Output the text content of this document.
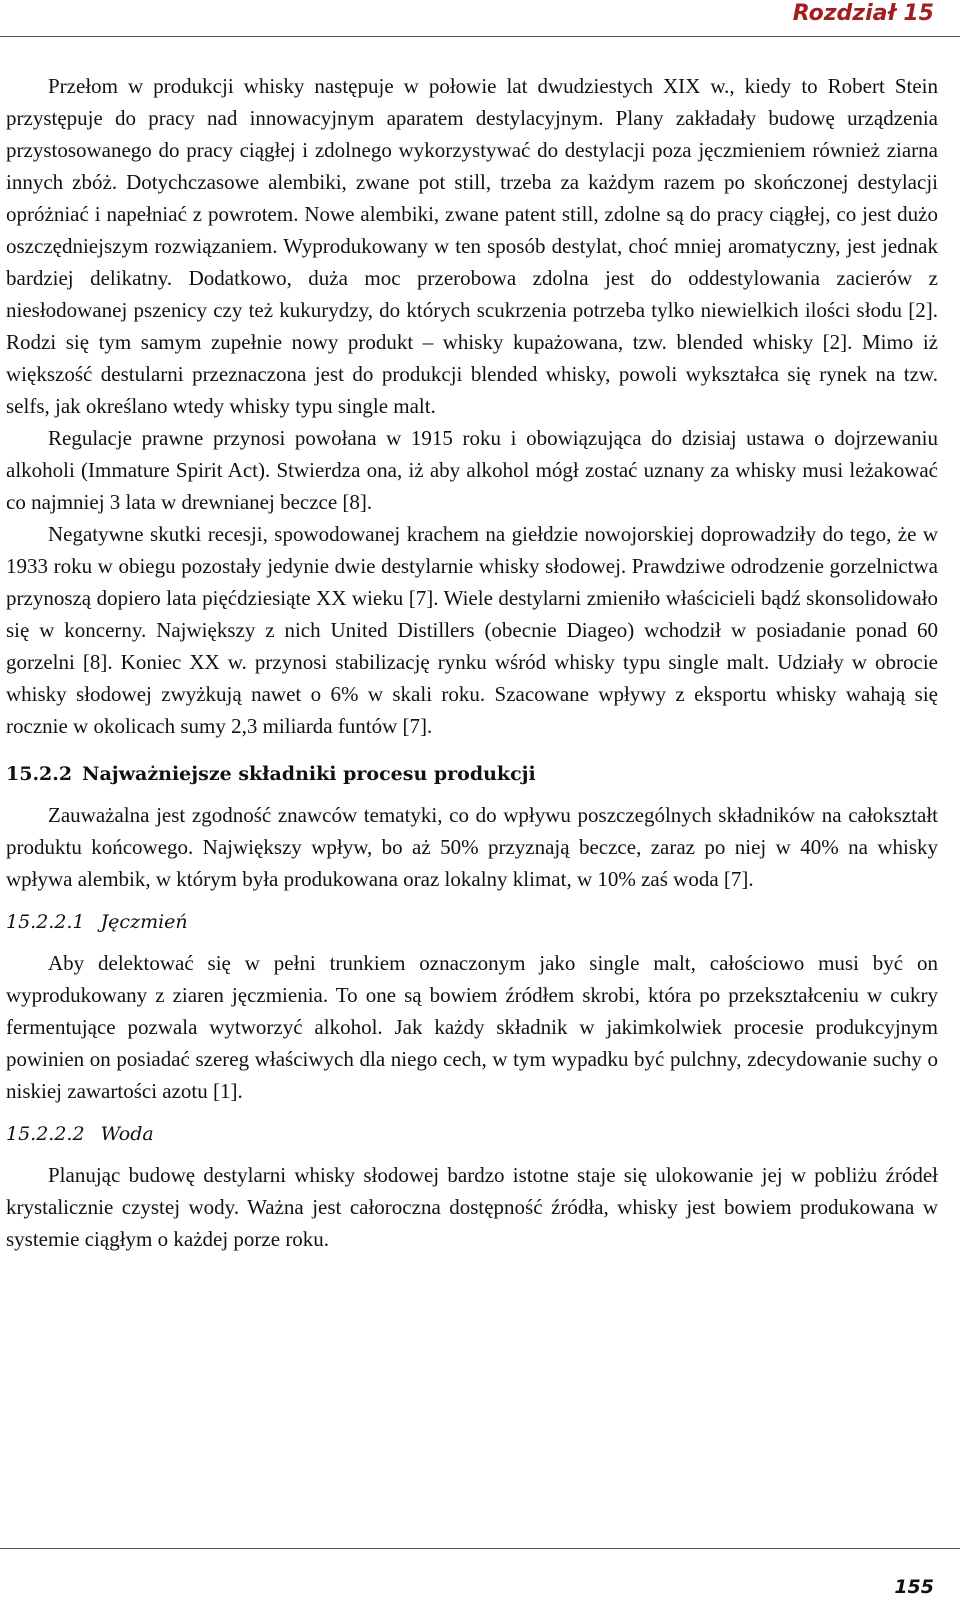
Rozdział 15

Przełom w produkcji whisky następuje w połowie lat dwudziestych XIX w., kiedy to Robert Stein przystępuje do pracy nad innowacyjnym aparatem destylacyjnym. Plany zakładały budowę urządzenia przystosowanego do pracy ciągłej i zdolnego wykorzystywać do destylacji poza jęczmieniem również ziarna innych zbóż. Dotychczasowe alembiki, zwane pot still, trzeba za każdym razem po skończonej destylacji opróżniać i napełniać z powrotem. Nowe alembiki, zwane patent still, zdolne są do pracy ciągłej, co jest dużo oszczędniejszym rozwiązaniem. Wyprodukowany w ten sposób destylat, choć mniej aromatyczny, jest jednak bardziej delikatny. Dodatkowo, duża moc przerobowa zdolna jest do oddestylowania zacierów z niesłodowanej pszenicy czy też kukurydzy, do których scukrzenia potrzeba tylko niewielkich ilości słodu [2]. Rodzi się tym samym zupełnie nowy produkt – whisky kupażowana, tzw. blended whisky [2]. Mimo iż większość destularni przeznaczona jest do produkcji blended whisky, powoli wykształca się rynek na tzw. selfs, jak określano wtedy whisky typu single malt.

Regulacje prawne przynosi powołana w 1915 roku i obowiązująca do dzisiaj ustawa o dojrzewaniu alkoholi (Immature Spirit Act). Stwierdza ona, iż aby alkohol mógł zostać uznany za whisky musi leżakować co najmniej 3 lata w drewnianej beczce [8].

Negatywne skutki recesji, spowodowanej krachem na giełdzie nowojorskiej doprowadziły do tego, że w 1933 roku w obiegu pozostały jedynie dwie destylarnie whisky słodowej. Prawdziwe odrodzenie gorzelnictwa przynoszą dopiero lata pięćdziesiąte XX wieku [7]. Wiele destylarni zmieniło właścicieli bądź skonsolidowało się w koncerny. Największy z nich United Distillers (obecnie Diageo) wchodził w posiadanie ponad 60 gorzelni [8]. Koniec XX w. przynosi stabilizację rynku wśród whisky typu single malt. Udziały w obrocie whisky słodowej zwyżkują nawet o 6% w skali roku. Szacowane wpływy z eksportu whisky wahają się rocznie w okolicach sumy 2,3 miliarda funtów [7].

15.2.2 Najważniejsze składniki procesu produkcji

Zauważalna jest zgodność znawców tematyki, co do wpływu poszczególnych składników na całokształt produktu końcowego. Największy wpływ, bo aż 50% przyznają beczce, zaraz po niej w 40% na whisky wpływa alembik, w którym była produkowana oraz lokalny klimat, w 10% zaś woda [7].

15.2.2.1 Jęczmień

Aby delektować się w pełni trunkiem oznaczonym jako single malt, całościowo musi być on wyprodukowany z ziaren jęczmienia. To one są bowiem źródłem skrobi, która po przekształceniu w cukry fermentujące pozwala wytworzyć alkohol. Jak każdy składnik w jakimkolwiek procesie produkcyjnym powinien on posiadać szereg właściwych dla niego cech, w tym wypadku być pulchny, zdecydowanie suchy o niskiej zawartości azotu [1].

15.2.2.2 Woda

Planując budowę destylarni whisky słodowej bardzo istotne staje się ulokowanie jej w pobliżu źródeł krystalicznie czystej wody. Ważna jest całoroczna dostępność źródła, whisky jest bowiem produkowana w systemie ciągłym o każdej porze roku.

155
